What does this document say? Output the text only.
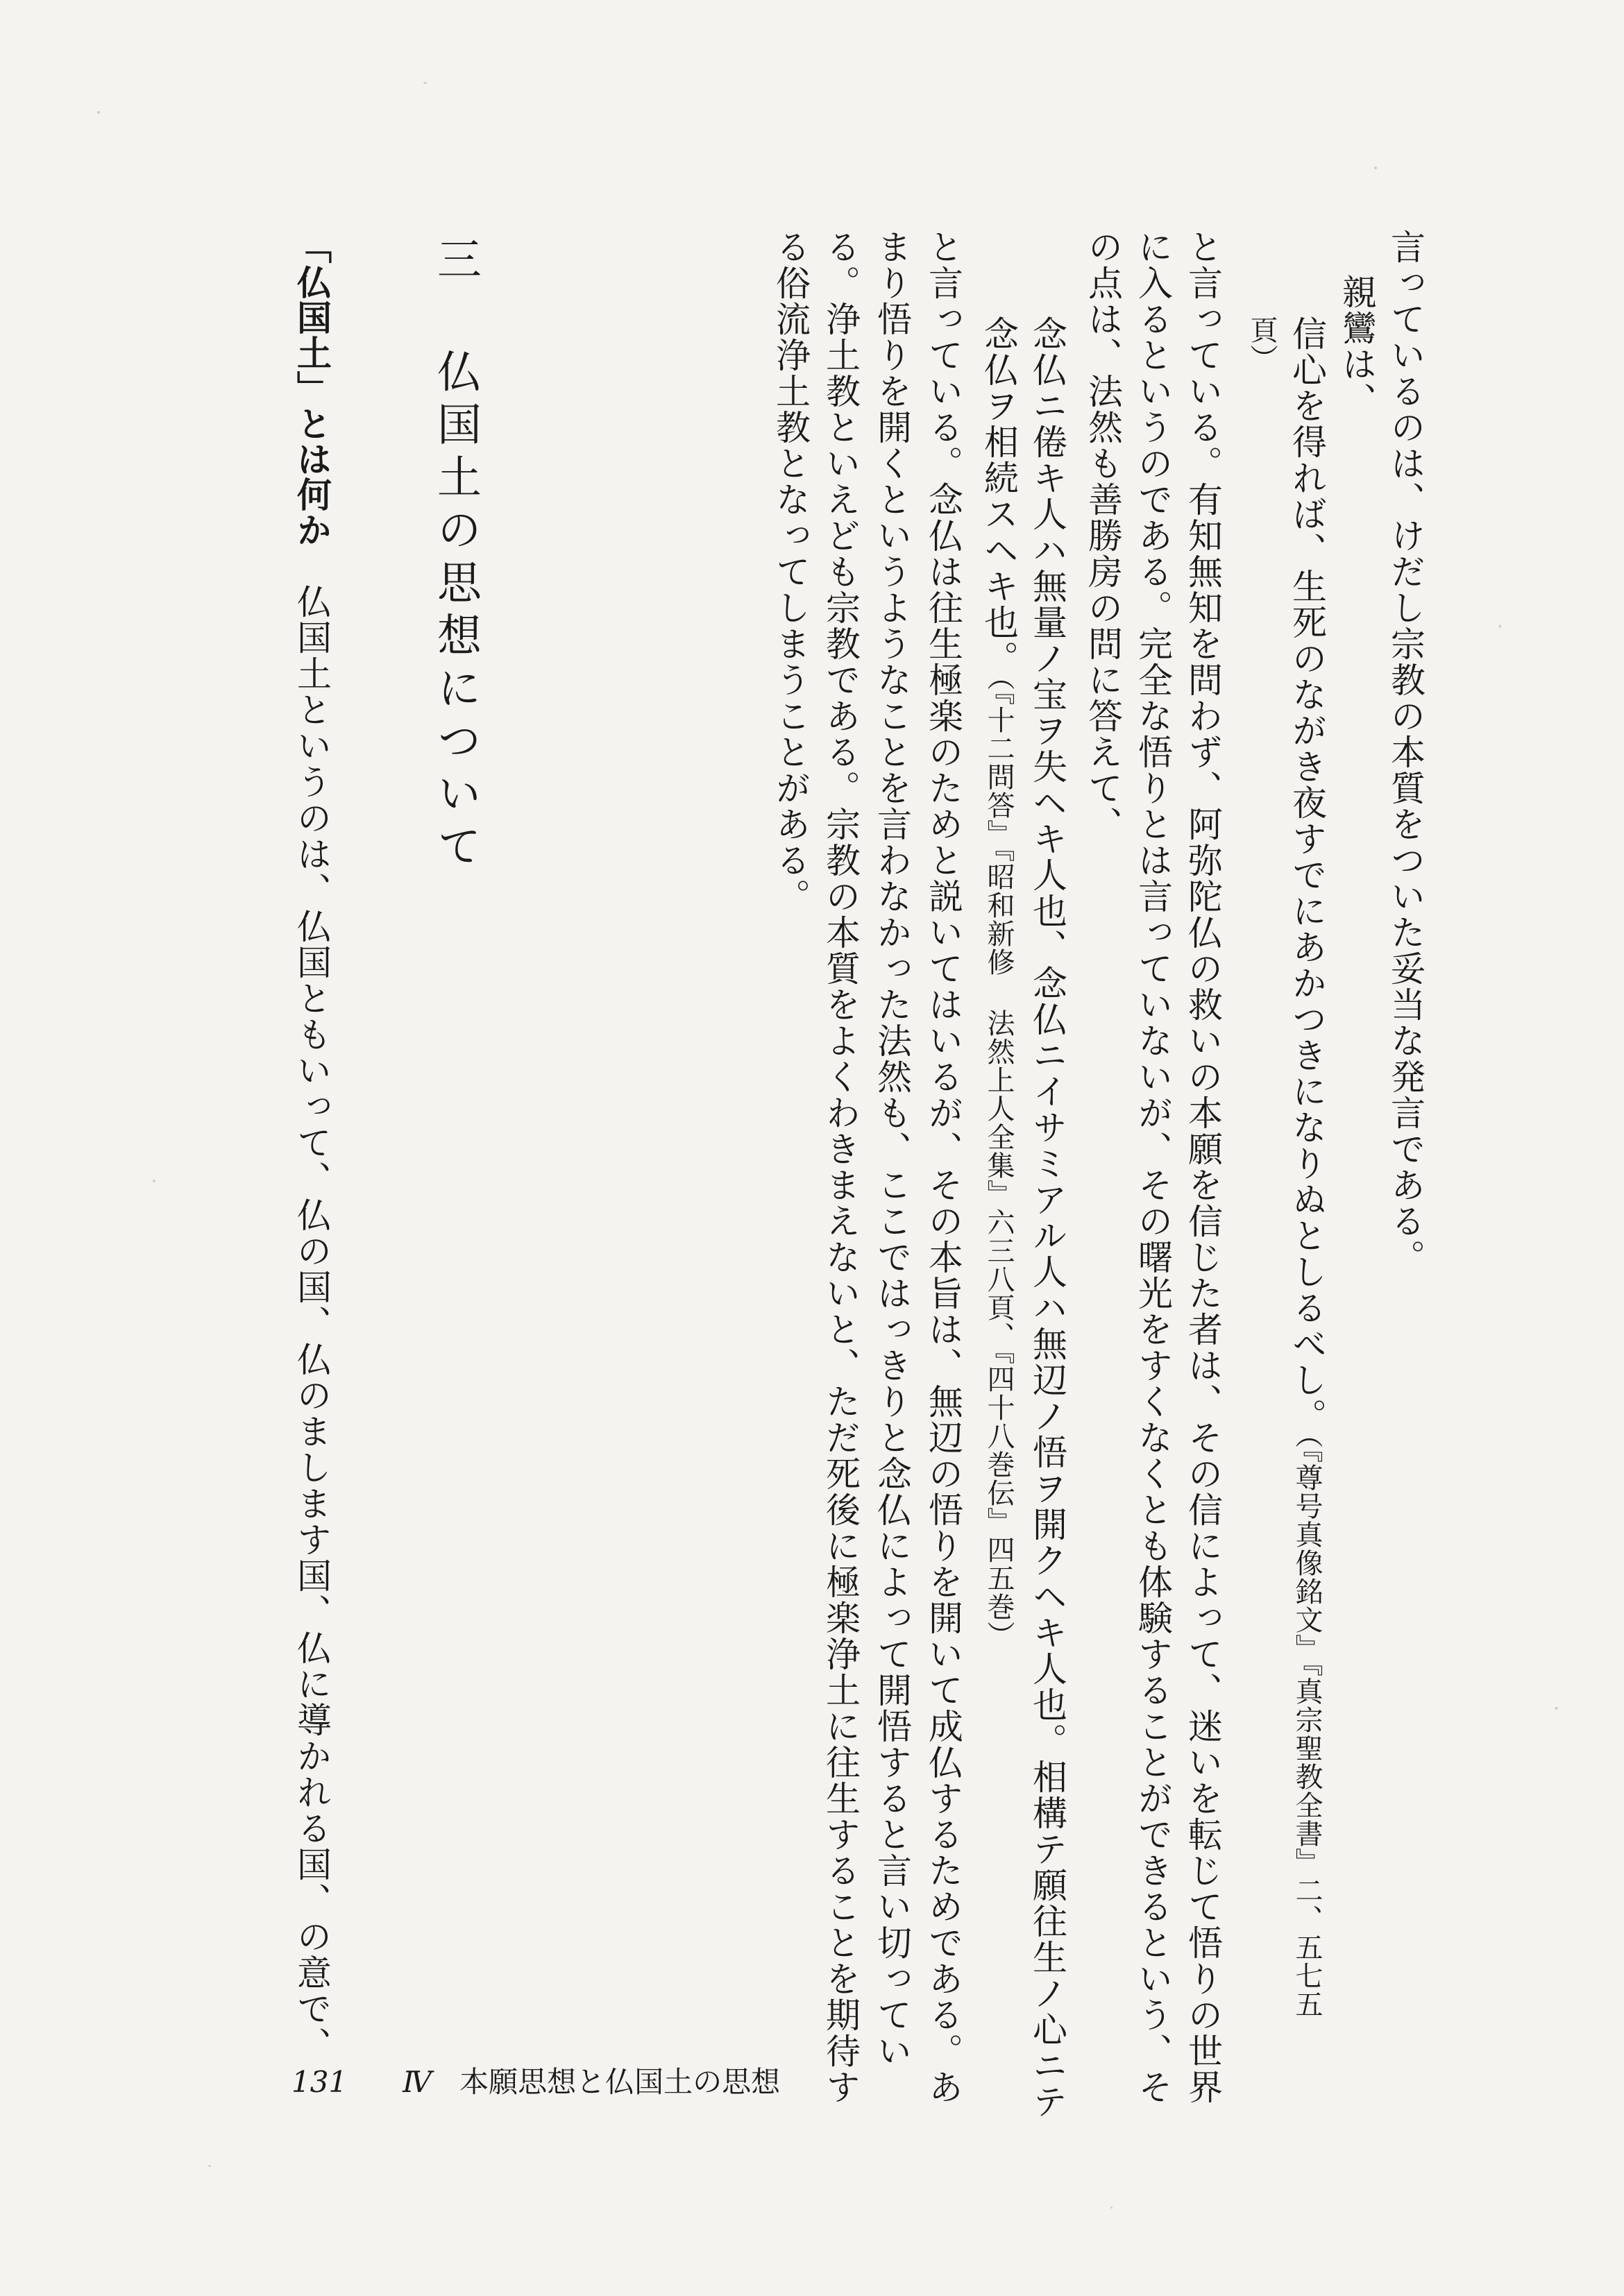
言っているのは、けだし宗教の本質をついた妥当な発言である。
親鸞は、
信心を得れば、生死のながき夜すでにあかつきになりぬとしるべし。（『尊号真像銘文』『真宗聖教全書』二、五七五
頁）
と言っている。有知無知を問わず、阿弥陀仏の救いの本願を信じた者は、その信によって、迷いを転じて悟りの世界
に入るというのである。完全な悟りとは言っていないが、その曙光をすくなくとも体験することができるという、そ
の点は、法然も善勝房の問に答えて、
念仏ニ倦キ人ハ無量ノ宝ヲ失ヘキ人也、念仏ニイサミアル人ハ無辺ノ悟ヲ開クヘキ人也。相構テ願往生ノ心ニテ
念仏ヲ相続スヘキ也。（『十二問答』『昭和新修 法然上人全集』六三八頁、『四十八巻伝』四五巻）
と言っている。念仏は往生極楽のためと説いてはいるが、その本旨は、無辺の悟りを開いて成仏するためである。あ
まり悟りを開くというようなことを言わなかった法然も、ここではっきりと念仏によって開悟すると言い切ってい
る。浄土教といえども宗教である。宗教の本質をよくわきまえないと、ただ死後に極楽浄土に往生することを期待す
る俗流浄土教となってしまうことがある。
三 仏国土の思想について
「仏国土」とは何か　仏国土というのは、仏国ともいって、仏の国、仏のまします国、仏に導かれる国、の意で、
131 Ⅳ 本願思想と仏国土の思想
